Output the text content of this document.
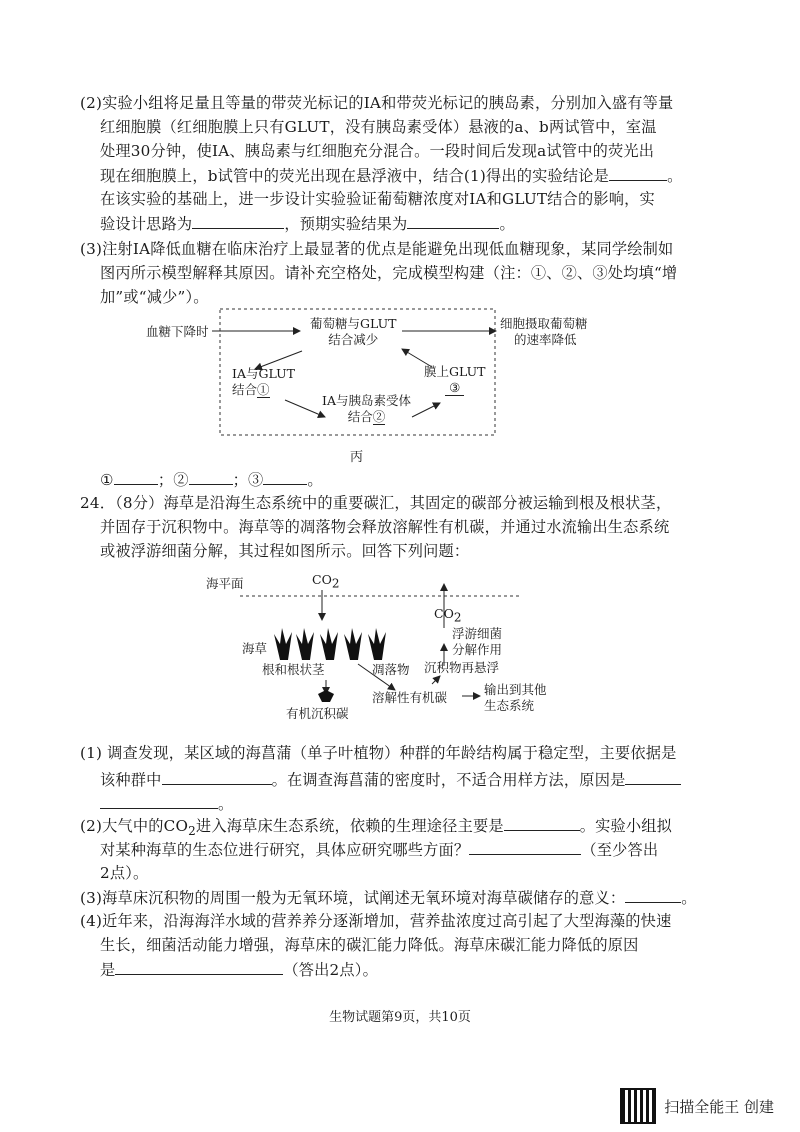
(2)实验小组将足量且等量的带荧光标记的IA和带荧光标记的胰岛素，分别加入盛有等量
红细胞膜（红细胞膜上只有GLUT，没有胰岛素受体）悬液的a、b两试管中，室温
处理30分钟，使IA、胰岛素与红细胞充分混合。一段时间后发现a试管中的荧光出
现在细胞膜上，b试管中的荧光出现在悬浮液中，结合(1)得出的实验结论是	。
在该实验的基础上，进一步设计实验验证葡萄糖浓度对IA和GLUT结合的影响，实
验设计思路为	，预期实验结果为	。
(3)注射IA降低血糖在临床治疗上最显著的优点是能避免出现低血糖现象，某同学绘制如
图丙所示模型解释其原因。请补充空格处，完成模型构建（注：①、②、③处均填“增
加”或“减少”）。
血糖下降时
葡萄糖与GLUT
结合减少
细胞摄取葡萄糖
的速率降低
IA与GLUT
结合①
IA与胰岛素受体
结合②
膜上GLUT
③
丙
①	；②	；③	。
24．（8分）海草是沿海生态系统中的重要碳汇，其固定的碳部分被运输到根及根状茎，
并固存于沉积物中。海草等的凋落物会释放溶解性有机碳，并通过水流输出生态系统
或被浮游细菌分解，其过程如图所示。回答下列问题：
海平面	$CO_2$
$CO_2$
浮游细菌
分解作用
海草
根和根状茎	凋落物 沉积物再悬浮
溶解性有机碳
输出到其他
生态系统
有机沉积碳
(1) 调查发现，某区域的海菖蒲（单子叶植物）种群的年龄结构属于稳定型，主要依据是
该种群中	。在调查海菖蒲的密度时，不适合用样方法，原因是
。
(2)大气中的$CO_2$进入海草床生态系统，依赖的生理途径主要是	。实验小组拟
对某种海草的生态位进行研究，具体应研究哪些方面？	（至少答出
2点）。
(3)海草床沉积物的周围一般为无氧环境，试阐述无氧环境对海草碳储存的意义：	。
(4)近年来，沿海海洋水域的营养养分逐渐增加，营养盐浓度过高引起了大型海藻的快速
生长，细菌活动能力增强，海草床的碳汇能力降低。海草床碳汇能力降低的原因
是	（答出2点）。
生物试题第9页，共10页
扫描全能王 创建
